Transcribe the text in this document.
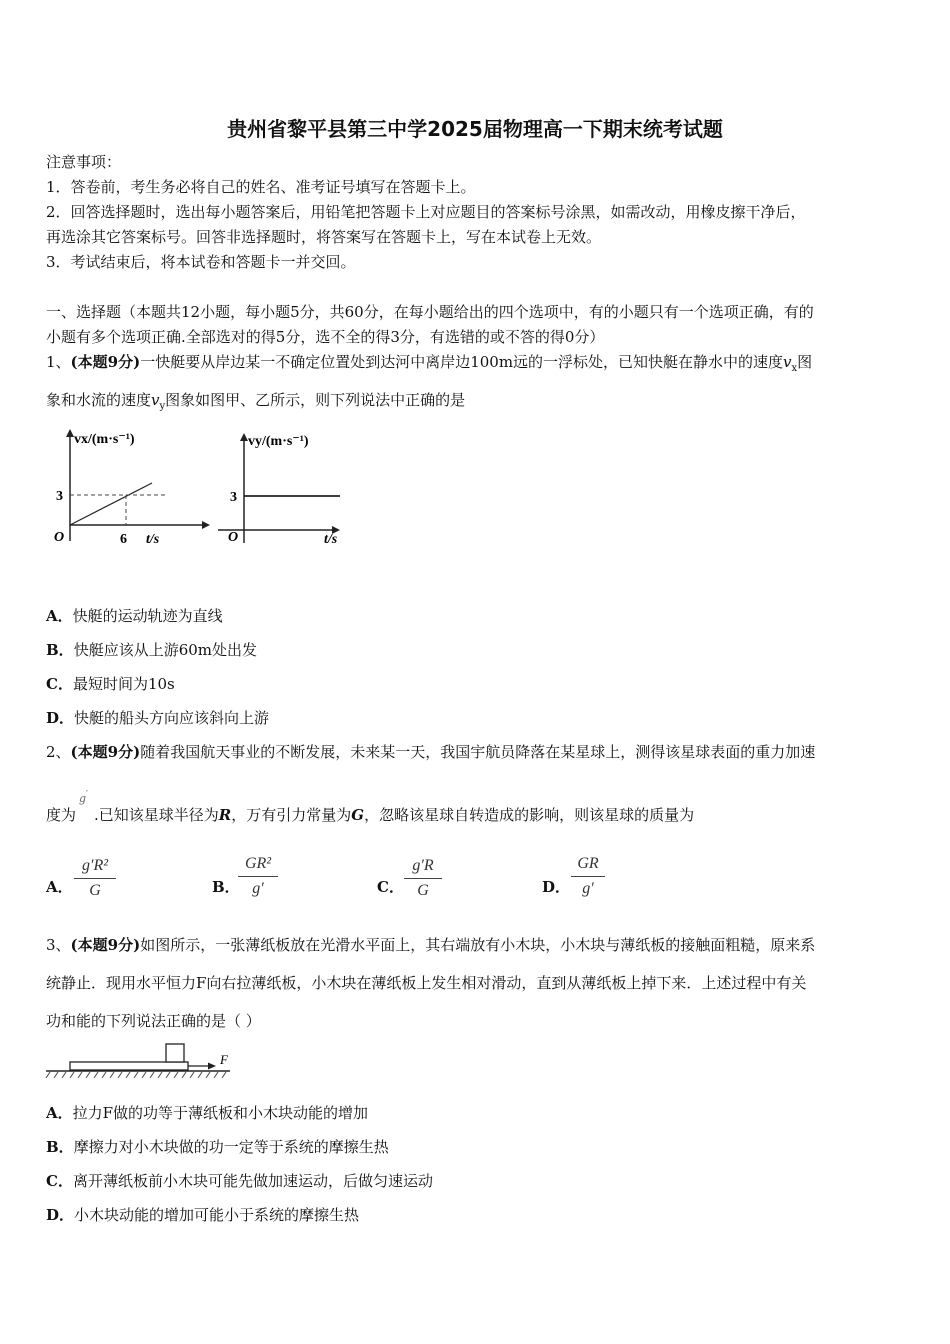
贵州省黎平县第三中学2025届物理高一下期末统考试题
注意事项：
1．答卷前，考生务必将自己的姓名、准考证号填写在答题卡上。
2．回答选择题时，选出每小题答案后，用铅笔把答题卡上对应题目的答案标号涂黑，如需改动，用橡皮擦干净后，
再选涂其它答案标号。回答非选择题时，将答案写在答题卡上，写在本试卷上无效。
3．考试结束后，将本试卷和答题卡一并交回。
一、选择题（本题共12小题，每小题5分，共60分，在每小题给出的四个选项中，有的小题只有一个选项正确，有的
小题有多个选项正确.全部选对的得5分，选不全的得3分，有选错的或不答的得0分）
1、(本题9分)一快艇要从岸边某一不确定位置处到达河中离岸边100m远的一浮标处，已知快艇在静水中的速度$v_x$图
象和水流的速度$v_y$图象如图甲、乙所示，则下列说法中正确的是
vx/(m·s⁻¹)
3
6
O	t/s
vy/(m·s⁻¹)
3
O	t/s
A．快艇的运动轨迹为直线
B．快艇应该从上游60m处出发
C．最短时间为10s
D．快艇的船头方向应该斜向上游
2、(本题9分)随着我国航天事业的不断发展，未来某一天，我国宇航员降落在某星球上，测得该星球表面的重力加速
度为
g ′
.已知该星球半径为R，万有引力常量为G，忽略该星球自转造成的影响，则该星球的质量为
A．
g′R²
G	B．
GR²
g′	C．
g′R
G	D．
GR
g′
3、(本题9分)如图所示，一张薄纸板放在光滑水平面上，其右端放有小木块，小木块与薄纸板的接触面粗糙，原来系
统静止．现用水平恒力F向右拉薄纸板，小木块在薄纸板上发生相对滑动，直到从薄纸板上掉下来．上述过程中有关
功和能的下列说法正确的是（ ）
F
A．拉力F做的功等于薄纸板和小木块动能的增加
B．摩擦力对小木块做的功一定等于系统的摩擦生热
C．离开薄纸板前小木块可能先做加速运动，后做匀速运动
D．小木块动能的增加可能小于系统的摩擦生热
